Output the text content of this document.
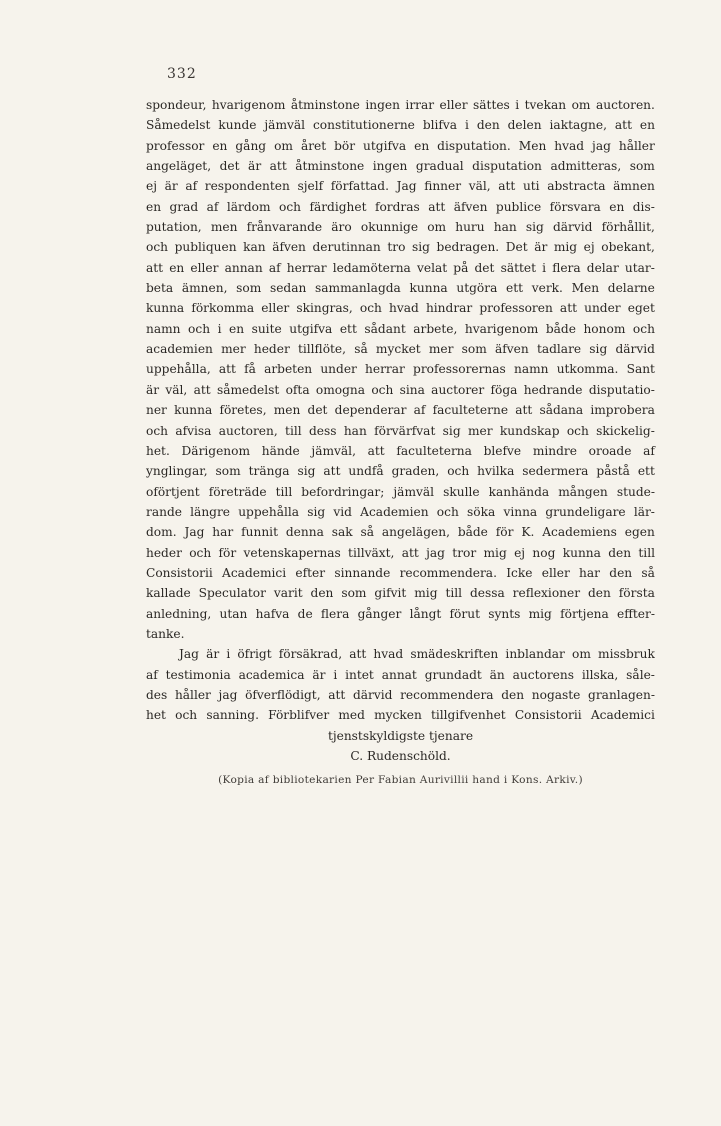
332
spondeur, hvarigenom åtminstone ingen irrar eller sättes i tvekan om auctoren.
Såmedelst kunde jämväl constitutionerne blifva i den delen iaktagne, att en
professor en gång om året bör utgifva en disputation. Men hvad jag håller
angeläget, det är att åtminstone ingen gradual disputation admitteras, som
ej är af respondenten sjelf författad. Jag finner väl, att uti abstracta ämnen
en grad af lärdom och färdighet fordras att äfven publice försvara en dis-
putation, men frånvarande äro okunnige om huru han sig därvid förhållit,
och publiquen kan äfven derutinnan tro sig bedragen. Det är mig ej obekant,
att en eller annan af herrar ledamöterna velat på det sättet i flera delar utar-
beta ämnen, som sedan sammanlagda kunna utgöra ett verk. Men delarne
kunna förkomma eller skingras, och hvad hindrar professoren att under eget
namn och i en suite utgifva ett sådant arbete, hvarigenom både honom och
academien mer heder tillflöte, så mycket mer som äfven tadlare sig därvid
uppehålla, att få arbeten under herrar professorernas namn utkomma. Sant
är väl, att såmedelst ofta omogna och sina auctorer föga hedrande disputatio-
ner kunna företes, men det dependerar af faculteterne att sådana improbera
och afvisa auctoren, till dess han förvärfvat sig mer kundskap och skickelig-
het. Därigenom hände jämväl, att faculteterna blefve mindre oroade af
ynglingar, som tränga sig att undfå graden, och hvilka sedermera påstå ett
oförtjent företräde till befordringar; jämväl skulle kanhända mången stude-
rande längre uppehålla sig vid Academien och söka vinna grundeligare lär-
dom. Jag har funnit denna sak så angelägen, både för K. Academiens egen
heder och för vetenskapernas tillväxt, att jag tror mig ej nog kunna den till
Consistorii Academici efter sinnande recommendera. Icke eller har den så
kallade Speculator varit den som gifvit mig till dessa reflexioner den första
anledning, utan hafva de flera gånger långt förut synts mig förtjena effter-
tanke.
Jag är i öfrigt försäkrad, att hvad smädeskriften inblandar om missbruk
af testimonia academica är i intet annat grundadt än auctorens illska, såle-
des håller jag öfverflödigt, att därvid recommendera den nogaste granlagen-
het och sanning. Förblifver med mycken tillgifvenhet Consistorii Academici
tjenstskyldigste tjenare
C. Rudenschöld.
(Kopia af bibliotekarien Per Fabian Aurivillii hand i Kons. Arkiv.)
